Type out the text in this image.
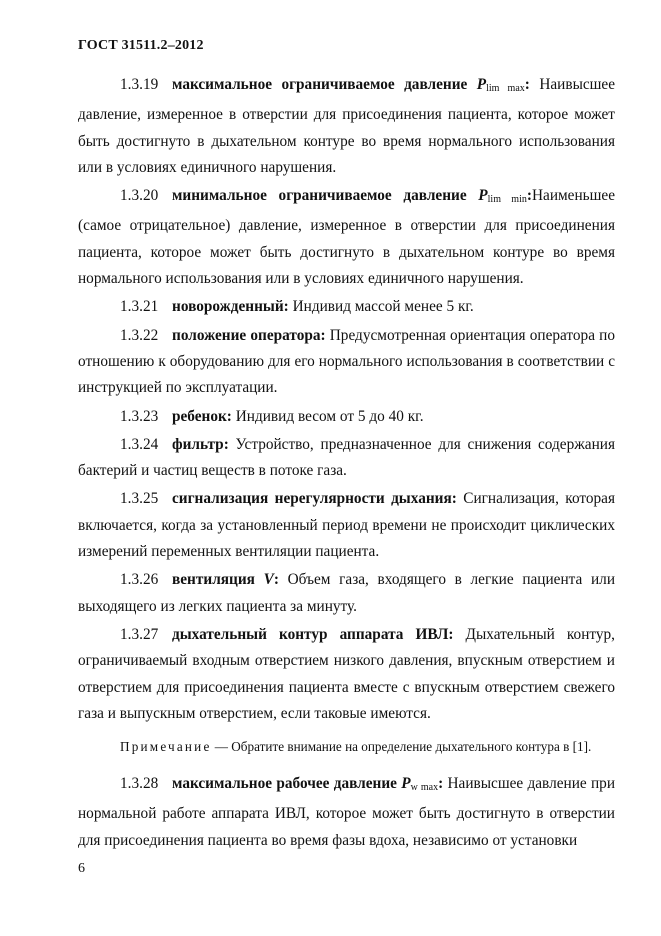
ГОСТ 31511.2–2012

1.3.19 максимальное ограничиваемое давление $P_{lim max}$: Наивысшее давление, измеренное в отверстии для присоединения пациента, которое может быть достигнуто в дыхательном контуре во время нормального использования или в условиях единичного нарушения.

1.3.20 минимальное ограничиваемое давление $P_{lim min}:Наименьшее$ (самое отрицательное) давление, измеренное в отверстии для присоединения пациента, которое может быть достигнуто в дыхательном контуре во время нормального использования или в условиях единичного нарушения.

1.3.21 новорожденный: Индивид массой менее 5 кг.

1.3.22 положение оператора: Предусмотренная ориентация оператора по отношению к оборудованию для его нормального использования в соответствии с инструкцией по эксплуатации.

1.3.23 ребенок: Индивид весом от 5 до 40 кг.

1.3.24 фильтр: Устройство, предназначенное для снижения содержания бактерий и частиц веществ в потоке газа.

1.3.25 сигнализация нерегулярности дыхания: Сигнализация, которая включается, когда за установленный период времени не происходит циклических измерений переменных вентиляции пациента.

1.3.26 вентиляция V: Объем газа, входящего в легкие пациента или выходящего из легких пациента за минуту.

1.3.27 дыхательный контур аппарата ИВЛ: Дыхательный контур, ограничиваемый входным отверстием низкого давления, впускным отверстием и отверстием для присоединения пациента вместе с впускным отверстием свежего газа и выпускным отверстием, если таковые имеются.

Примечание — Обратите внимание на определение дыхательного контура в [1].

1.3.28 максимальное рабочее давление $P_{w max}$: Наивысшее давление при нормальной работе аппарата ИВЛ, которое может быть достигнуто в отверстии для присоединения пациента во время фазы вдоха, независимо от установки

6
